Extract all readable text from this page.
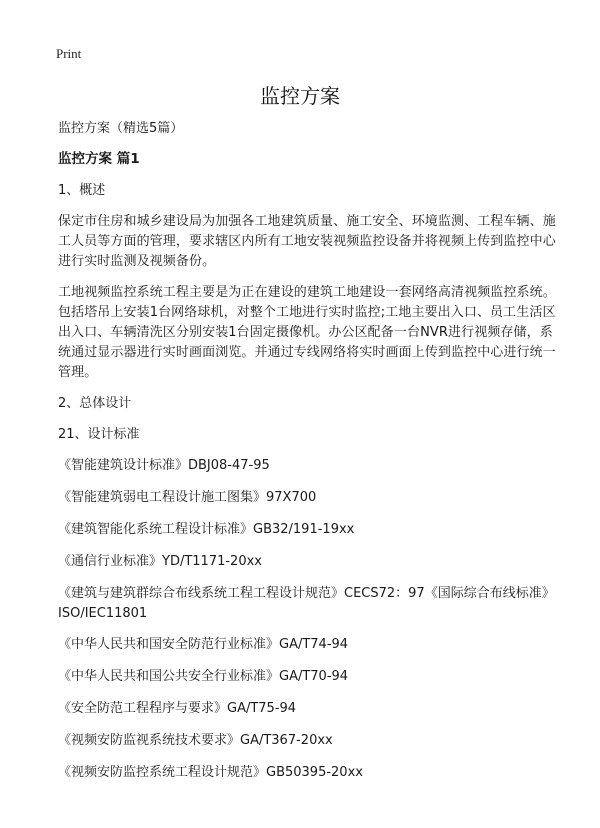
Print
监控方案

监控方案（精选5篇）

监控方案 篇1

1、概述

保定市住房和城乡建设局为加强各工地建筑质量、施工安全、环境监测、工程车辆、施工人员等方面的管理，要求辖区内所有工地安装视频监控设备并将视频上传到监控中心进行实时监测及视频备份。

工地视频监控系统工程主要是为正在建设的建筑工地建设一套网络高清视频监控系统。包括塔吊上安装1台网络球机，对整个工地进行实时监控;工地主要出入口、员工生活区出入口、车辆清洗区分别安装1台固定摄像机。办公区配备一台NVR进行视频存储，系统通过显示器进行实时画面浏览。并通过专线网络将实时画面上传到监控中心进行统一管理。

2、总体设计

21、设计标准

《智能建筑设计标准》DBJ08-47-95

《智能建筑弱电工程设计施工图集》97X700

《建筑智能化系统工程设计标准》GB32/191-19xx

《通信行业标准》YD/T1171-20xx

《建筑与建筑群综合布线系统工程工程设计规范》CECS72：97《国际综合布线标准》ISO/IEC11801

《中华人民共和国安全防范行业标准》GA/T74-94

《中华人民共和国公共安全行业标准》GA/T70-94

《安全防范工程程序与要求》GA/T75-94

《视频安防监视系统技术要求》GA/T367-20xx

《视频安防监控系统工程设计规范》GB50395-20xx
